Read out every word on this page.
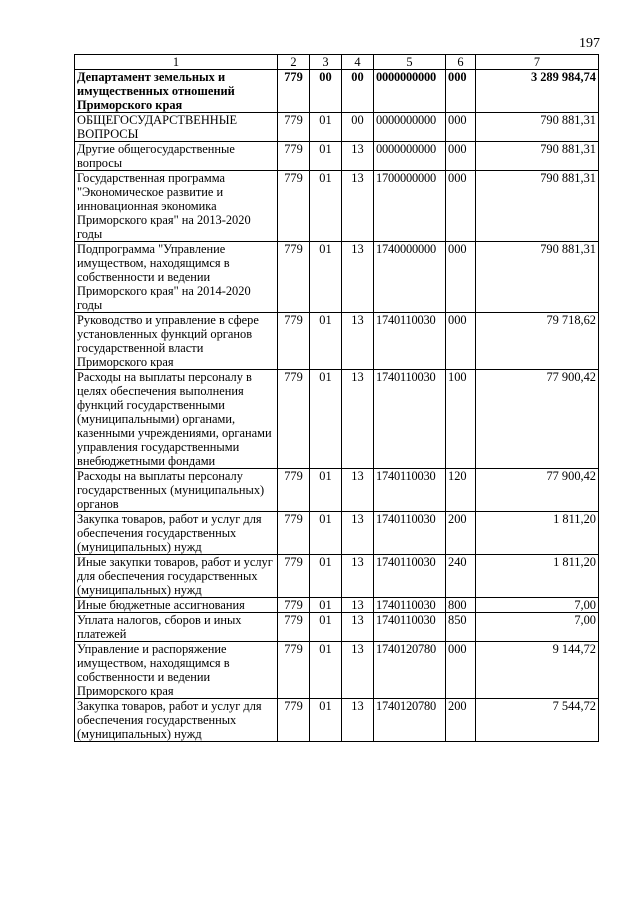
197
1	2	3	4	5	6	7
Департамент земельных и имущественных отношений Приморского края	779	00	00	0000000000	000	3 289 984,74
ОБЩЕГОСУДАРСТВЕННЫЕ ВОПРОСЫ	779	01	00	0000000000	000	790 881,31
Другие общегосударственные вопросы	779	01	13	0000000000	000	790 881,31
Государственная программа "Экономическое развитие и инновационная экономика Приморского края" на 2013-2020 годы	779	01	13	1700000000	000	790 881,31
Подпрограмма "Управление имуществом, находящимся в собственности и ведении Приморского края" на 2014-2020 годы	779	01	13	1740000000	000	790 881,31
Руководство и управление в сфере установленных функций органов государственной власти Приморского края	779	01	13	1740110030	000	79 718,62
Расходы на выплаты персоналу в целях обеспечения выполнения функций государственными (муниципальными) органами, казенными учреждениями, органами управления государственными внебюджетными фондами	779	01	13	1740110030	100	77 900,42
Расходы на выплаты персоналу государственных (муниципальных) органов	779	01	13	1740110030	120	77 900,42
Закупка товаров, работ и услуг для обеспечения государственных (муниципальных) нужд	779	01	13	1740110030	200	1 811,20
Иные закупки товаров, работ и услуг для обеспечения государственных (муниципальных) нужд	779	01	13	1740110030	240	1 811,20
Иные бюджетные ассигнования	779	01	13	1740110030	800	7,00
Уплата налогов, сборов и иных платежей	779	01	13	1740110030	850	7,00
Управление и распоряжение имуществом, находящимся в собственности и ведении Приморского края	779	01	13	1740120780	000	9 144,72
Закупка товаров, работ и услуг для обеспечения государственных (муниципальных) нужд	779	01	13	1740120780	200	7 544,72
